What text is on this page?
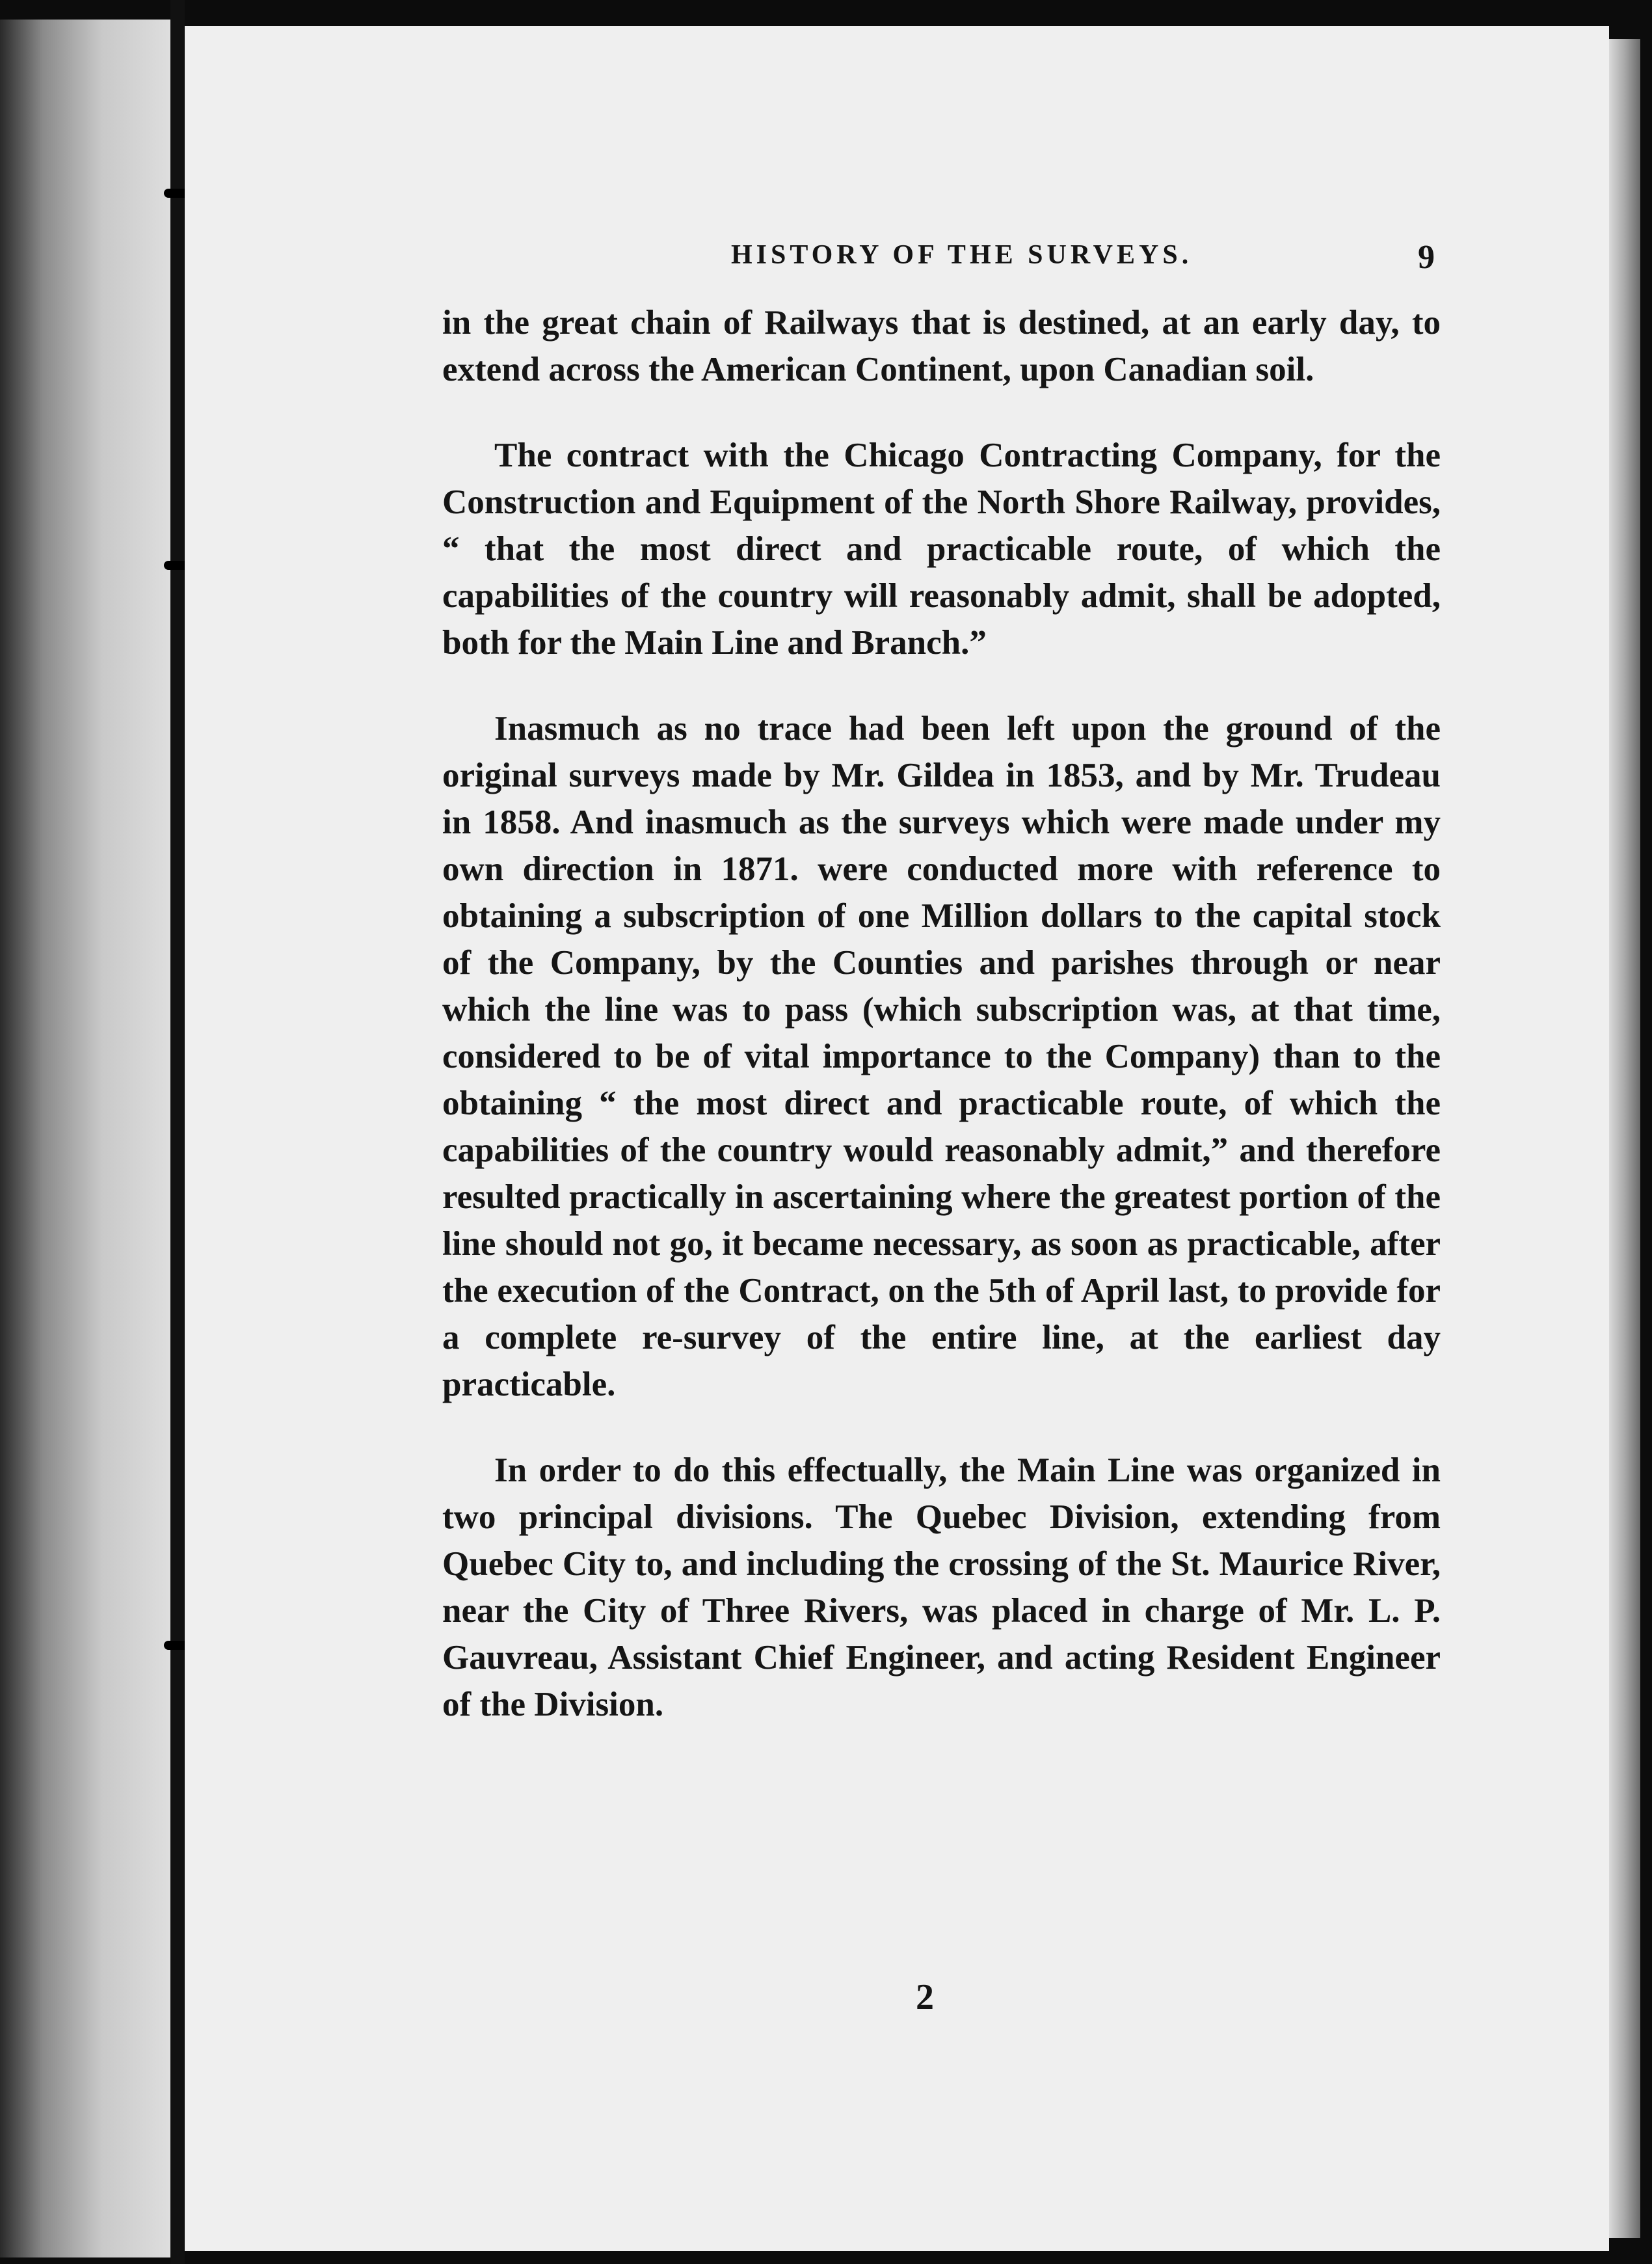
HISTORY OF THE SURVEYS.	9

in the great chain of Railways that is destined, at an early day, to extend across the American Continent, upon Canadian soil.

The contract with the Chicago Contracting Company, for the Construction and Equipment of the North Shore Railway, provides, “ that the most direct and practicable route, of which the capabilities of the country will reasonably admit, shall be adopted, both for the Main Line and Branch.”

Inasmuch as no trace had been left upon the ground of the original surveys made by Mr. Gildea in 1853, and by Mr. Trudeau in 1858. And inasmuch as the surveys which were made under my own direction in 1871. were conducted more with reference to obtaining a subscription of one Million dollars to the capital stock of the Company, by the Counties and parishes through or near which the line was to pass (which subscription was, at that time, considered to be of vital importance to the Company) than to the obtaining “ the most direct and practicable route, of which the capabilities of the country would reasonably admit,” and therefore resulted practically in ascertaining where the greatest portion of the line should not go, it became necessary, as soon as practicable, after the execution of the Contract, on the 5th of April last, to provide for a complete re-survey of the entire line, at the earliest day practicable.

In order to do this effectually, the Main Line was organized in two principal divisions. The Quebec Division, extending from Quebec City to, and including the crossing of the St. Maurice River, near the City of Three Rivers, was placed in charge of Mr. L. P. Gauvreau, Assistant Chief Engineer, and acting Resident Engineer of the Division.

2
